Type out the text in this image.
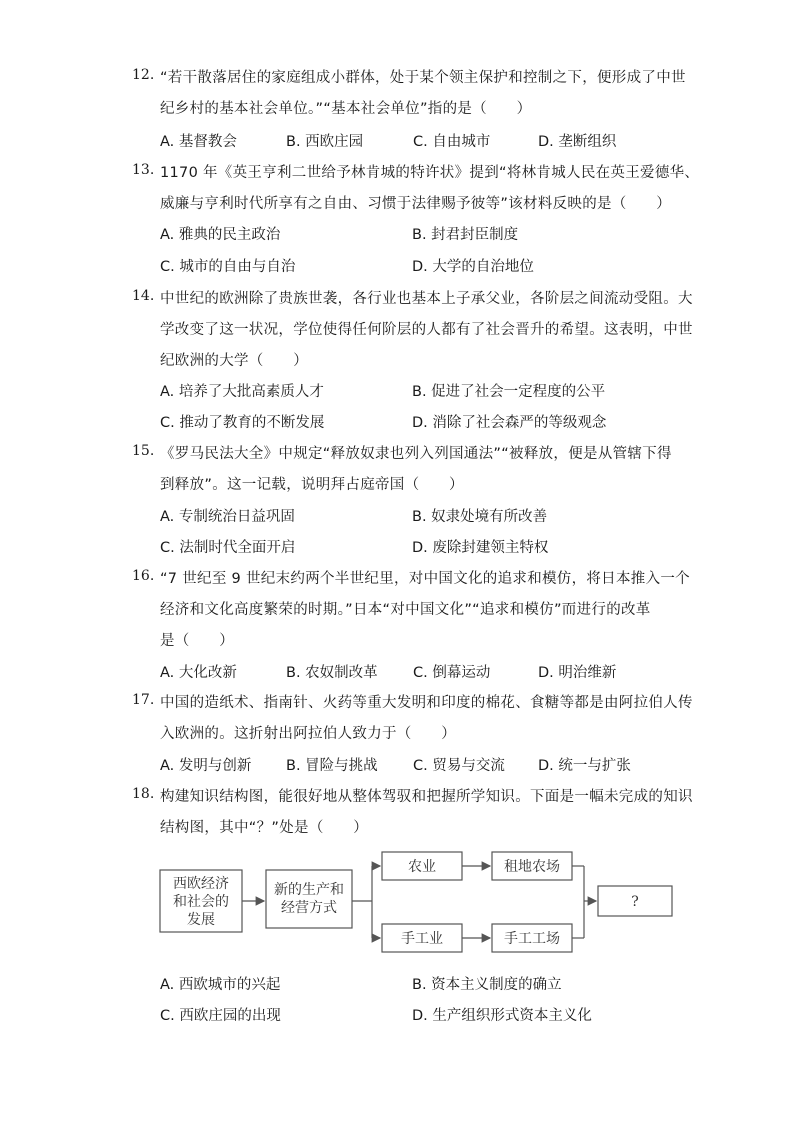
12. “若干散落居住的家庭组成小群体，处于某个领主保护和控制之下，便形成了中世
纪乡村的基本社会单位。”“基本社会单位”指的是（　　）
A. 基督教会	B. 西欧庄园	C. 自由城市	D. 垄断组织
13. 1170 年《英王亨利二世给予林肯城的特许状》提到“将林肯城人民在英王爱德华、
威廉与亨利时代所享有之自由、习惯于法律赐予彼等”该材料反映的是（　　）
A. 雅典的民主政治	B. 封君封臣制度
C. 城市的自由与自治	D. 大学的自治地位
14. 中世纪的欧洲除了贵族世袭，各行业也基本上子承父业，各阶层之间流动受阻。大
学改变了这一状况，学位使得任何阶层的人都有了社会晋升的希望。这表明，中世
纪欧洲的大学（　　）
A. 培养了大批高素质人才	B. 促进了社会一定程度的公平
C. 推动了教育的不断发展	D. 消除了社会森严的等级观念
15. 《罗马民法大全》中规定“释放奴隶也列入列国通法”“被释放，便是从管辖下得
到释放”。这一记载，说明拜占庭帝国（　　）
A. 专制统治日益巩固	B. 奴隶处境有所改善
C. 法制时代全面开启	D. 废除封建领主特权
16. “7 世纪至 9 世纪末约两个半世纪里，对中国文化的追求和模仿，将日本推入一个
经济和文化高度繁荣的时期。”日本“对中国文化”“追求和模仿”而进行的改革
是（　　）
A. 大化改新	B. 农奴制改革 C. 倒幕运动	D. 明治维新
17. 中国的造纸术、指南针、火药等重大发明和印度的棉花、食糖等都是由阿拉伯人传
入欧洲的。这折射出阿拉伯人致力于（　　）
A. 发明与创新 B. 冒险与挑战 C. 贸易与交流 D. 统一与扩张
18. 构建知识结构图，能很好地从整体驾驭和把握所学知识。下面是一幅未完成的知识
结构图，其中“？”处是（　　）
A. 西欧城市的兴起	B. 资本主义制度的确立
C. 西欧庄园的出现	D. 生产组织形式资本主义化
西欧经济
和社会的
发展
新的生产和
经营方式
农业	租地农场
手工业	手工工场
?
